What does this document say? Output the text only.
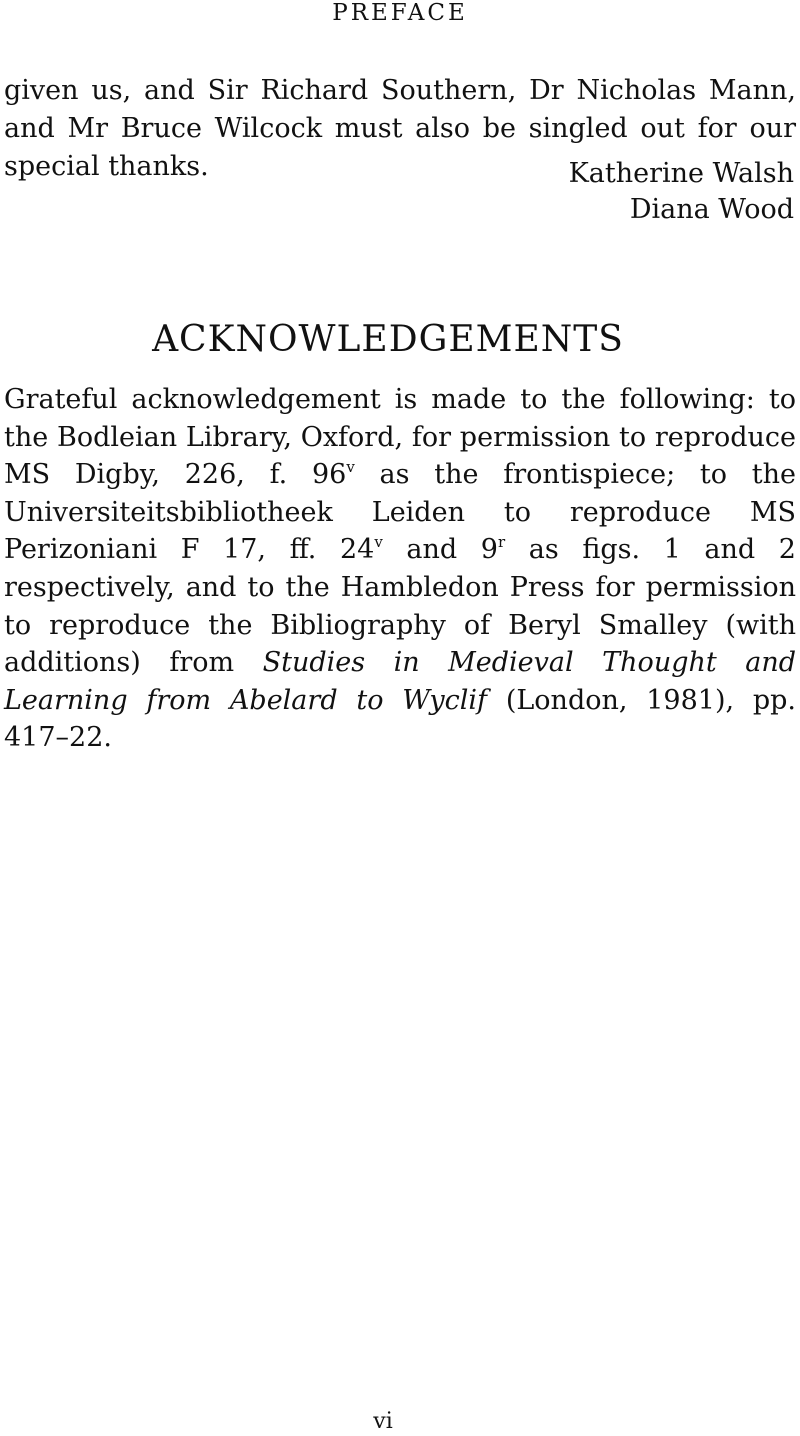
PREFACE

given us, and Sir Richard Southern, Dr Nicholas Mann, and Mr Bruce Wilcock must also be singled out for our special thanks.	Katherine Walsh
Diana Wood
ACKNOWLEDGEMENTS

Grateful acknowledgement is made to the following: to the Bodleian Library, Oxford, for permission to reproduce MS Digby, 226, f. 96$^v$ as the frontispiece; to the Universiteitsbibliotheek Leiden to reproduce MS Perizoniani F 17, ff. 24$^v$ and 9$^r$ as figs. 1 and 2 respectively, and to the Hambledon Press for permission to reproduce the Bibliography of Beryl Smalley (with additions) from Studies in Medieval Thought and Learning from Abelard to Wyclif (London, 1981), pp. 417–22.

vi
